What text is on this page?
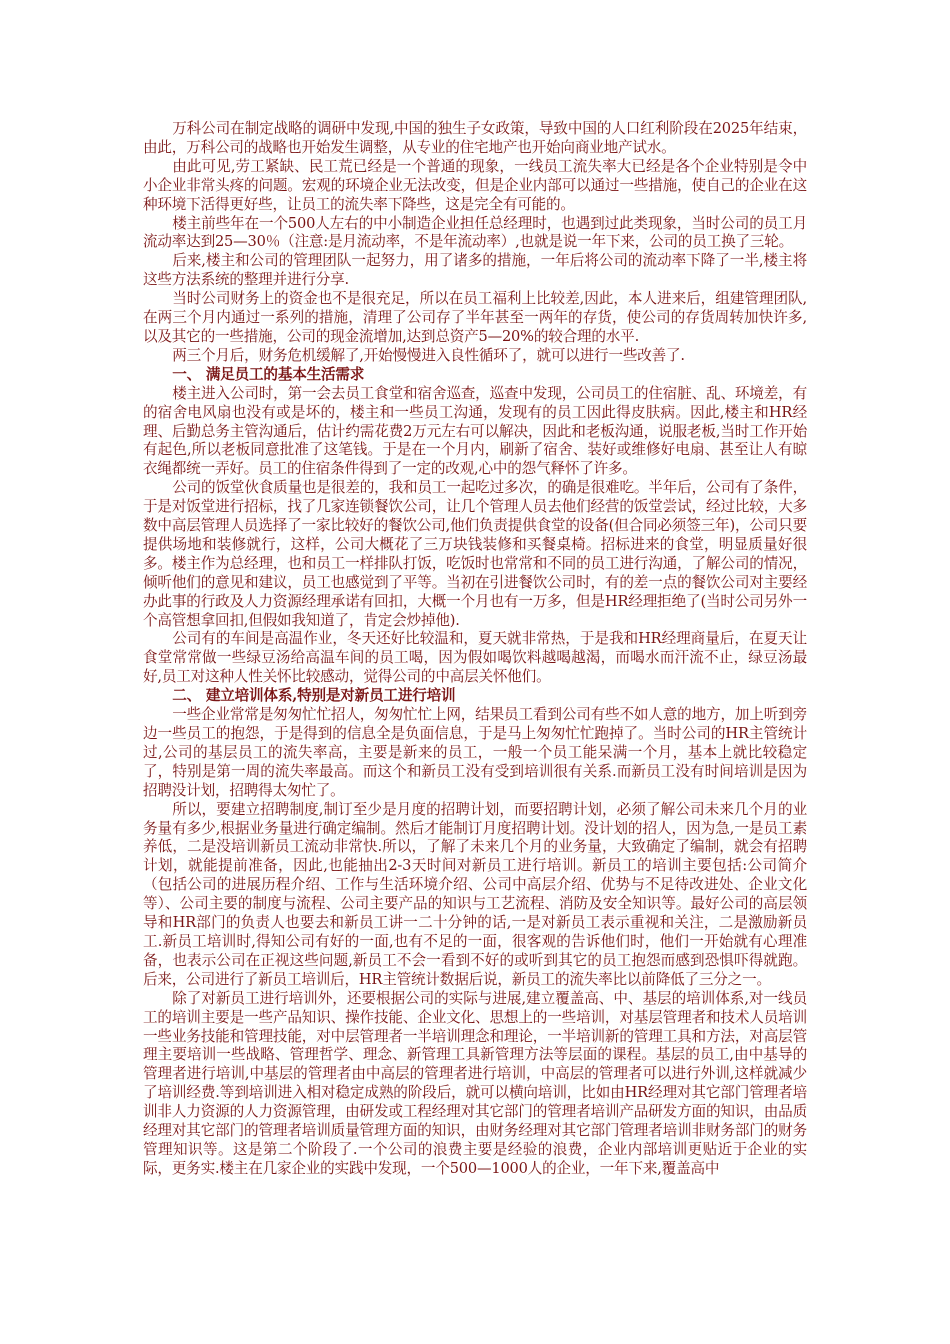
万科公司在制定战略的调研中发现,中国的独生子女政策，导致中国的人口红利阶段在2025年结束，由此，万科公司的战略也开始发生调整，从专业的住宅地产也开始向商业地产试水。

由此可见,劳工紧缺、民工荒已经是一个普通的现象，一线员工流失率大已经是各个企业特别是令中小企业非常头疼的问题。宏观的环境企业无法改变，但是企业内部可以通过一些措施，使自己的企业在这种环境下活得更好些，让员工的流失率下降些，这是完全有可能的。

楼主前些年在一个500人左右的中小制造企业担任总经理时，也遇到过此类现象，当时公司的员工月流动率达到25—30％（注意:是月流动率，不是年流动率）,也就是说一年下来，公司的员工换了三轮。

后来,楼主和公司的管理团队一起努力，用了诸多的措施，一年后将公司的流动率下降了一半,楼主将这些方法系统的整理并进行分享.

当时公司财务上的资金也不是很充足，所以在员工福利上比较差,因此，本人进来后，组建管理团队,在两三个月内通过一系列的措施，清理了公司存了半年甚至一两年的存货，使公司的存货周转加快许多,以及其它的一些措施，公司的现金流增加,达到总资产5—20%的较合理的水平.

两三个月后，财务危机缓解了,开始慢慢进入良性循环了，就可以进行一些改善了.

一、 满足员工的基本生活需求

楼主进入公司时，第一会去员工食堂和宿舍巡查，巡查中发现，公司员工的住宿脏、乱、环境差，有的宿舍电风扇也没有或是坏的，楼主和一些员工沟通，发现有的员工因此得皮肤病。因此,楼主和HR经理、后勤总务主管沟通后，估计约需花费2万元左右可以解决，因此和老板沟通，说服老板,当时工作开始有起色,所以老板同意批准了这笔钱。于是在一个月内，刷新了宿舍、装好或维修好电扇、甚至让人有晾衣绳都统一弄好。员工的住宿条件得到了一定的改观,心中的怨气释怀了许多。

公司的饭堂伙食质量也是很差的，我和员工一起吃过多次，的确是很难吃。半年后，公司有了条件，于是对饭堂进行招标，找了几家连锁餐饮公司，让几个管理人员去他们经营的饭堂尝试，经过比较，大多数中高层管理人员选择了一家比较好的餐饮公司,他们负责提供食堂的设备(但合同必须签三年)，公司只要提供场地和装修就行，这样，公司大概花了三万块钱装修和买餐桌椅。招标进来的食堂，明显质量好很多。楼主作为总经理，也和员工一样排队打饭，吃饭时也常常和不同的员工进行沟通，了解公司的情况，倾听他们的意见和建议，员工也感觉到了平等。当初在引进餐饮公司时，有的差一点的餐饮公司对主要经办此事的行政及人力资源经理承诺有回扣，大概一个月也有一万多，但是HR经理拒绝了(当时公司另外一个高管想拿回扣,但假如我知道了，肯定会炒掉他).

公司有的车间是高温作业，冬天还好比较温和，夏天就非常热，于是我和HR经理商量后，在夏天让食堂常常做一些绿豆汤给高温车间的员工喝，因为假如喝饮料越喝越渴，而喝水而汗流不止，绿豆汤最好,员工对这种人性关怀比较感动，觉得公司的中高层关怀他们。

二、 建立培训体系,特别是对新员工进行培训

一些企业常常是匆匆忙忙招人，匆匆忙忙上网，结果员工看到公司有些不如人意的地方，加上听到旁边一些员工的抱怨，于是得到的信息全是负面信息，于是马上匆匆忙忙跑掉了。当时公司的HR主管统计过,公司的基层员工的流失率高，主要是新来的员工，一般一个员工能呆满一个月，基本上就比较稳定了，特别是第一周的流失率最高。而这个和新员工没有受到培训很有关系.而新员工没有时间培训是因为招聘没计划，招聘得太匆忙了。

所以，要建立招聘制度,制订至少是月度的招聘计划，而要招聘计划，必须了解公司未来几个月的业务量有多少,根据业务量进行确定编制。然后才能制订月度招聘计划。没计划的招人，因为急,一是员工素养低，二是没培训新员工流动非常快.所以，了解了未来几个月的业务量，大致确定了编制，就会有招聘计划，就能提前准备，因此,也能抽出2-3天时间对新员工进行培训。新员工的培训主要包括:公司简介（包括公司的进展历程介绍、工作与生活环境介绍、公司中高层介绍、优势与不足待改进处、企业文化等）、公司主要的制度与流程、公司主要产品的知识与工艺流程、消防及安全知识等。最好公司的高层领导和HR部门的负责人也要去和新员工讲一二十分钟的话,一是对新员工表示重视和关注，二是激励新员工.新员工培训时,得知公司有好的一面,也有不足的一面，很客观的告诉他们时，他们一开始就有心理准备，也表示公司在正视这些问题,新员工不会一看到不好的或听到其它的员工抱怨而感到恐惧吓得就跑。后来，公司进行了新员工培训后，HR主管统计数据后说，新员工的流失率比以前降低了三分之一。

除了对新员工进行培训外，还要根据公司的实际与进展,建立覆盖高、中、基层的培训体系,对一线员工的培训主要是一些产品知识、操作技能、企业文化、思想上的一些培训，对基层管理者和技术人员培训一些业务技能和管理技能，对中层管理者一半培训理念和理论，一半培训新的管理工具和方法，对高层管理主要培训一些战略、管理哲学、理念、新管理工具新管理方法等层面的课程。基层的员工,由中基导的管理者进行培训,中基层的管理者由中高层的管理者进行培训，中高层的管理者可以进行外训,这样就减少了培训经费.等到培训进入相对稳定成熟的阶段后，就可以横向培训，比如由HR经理对其它部门管理者培训非人力资源的人力资源管理，由研发或工程经理对其它部门的管理者培训产品研发方面的知识，由品质经理对其它部门的管理者培训质量管理方面的知识，由财务经理对其它部门管理者培训非财务部门的财务管理知识等。这是第二个阶段了.一个公司的浪费主要是经验的浪费，企业内部培训更贴近于企业的实际，更务实.楼主在几家企业的实践中发现，一个500—1000人的企业，一年下来,覆盖高中
